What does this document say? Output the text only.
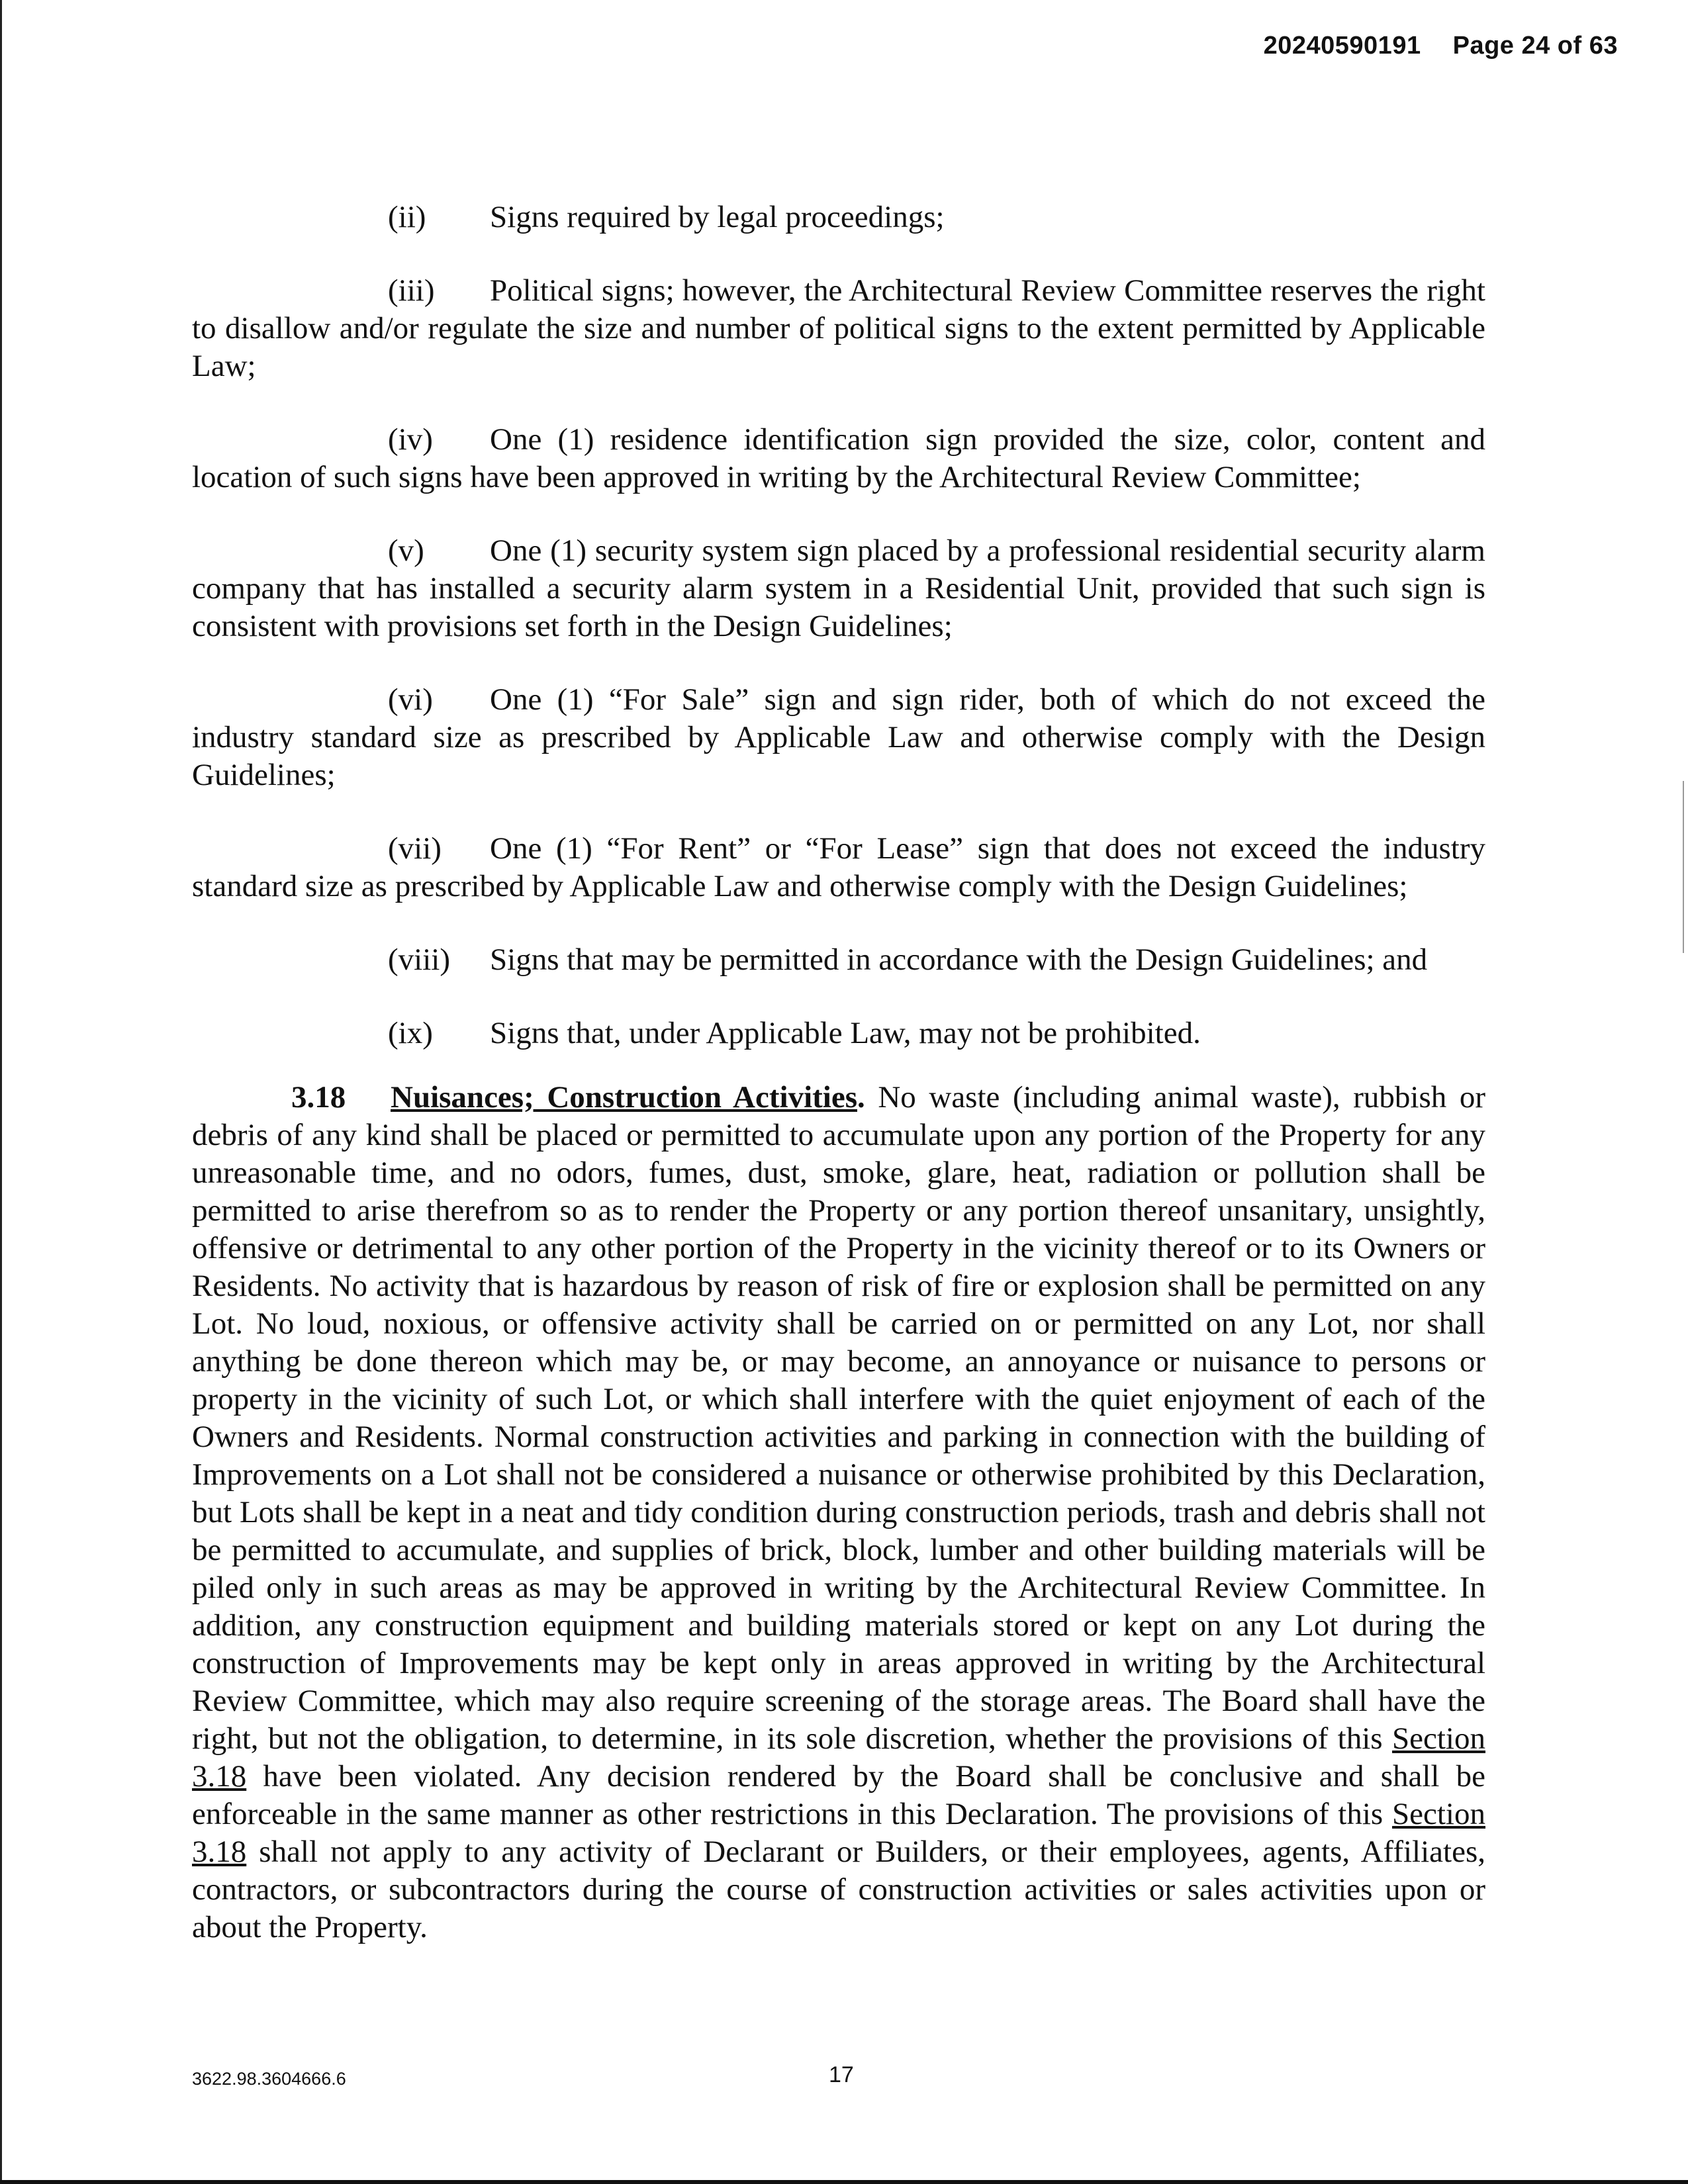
20240590191 Page 24 of 63

(ii)	Signs required by legal proceedings;

(iii) Political signs; however, the Architectural Review Committee reserves the right to disallow and/or regulate the size and number of political signs to the extent permitted by Applicable Law;

(iv) One (1) residence identification sign provided the size, color, content and location of such signs have been approved in writing by the Architectural Review Committee;

(v) One (1) security system sign placed by a professional residential security alarm company that has installed a security alarm system in a Residential Unit, provided that such sign is consistent with provisions set forth in the Design Guidelines;

(vi) One (1) “For Sale” sign and sign rider, both of which do not exceed the industry standard size as prescribed by Applicable Law and otherwise comply with the Design Guidelines;

(vii) One (1) “For Rent” or “For Lease” sign that does not exceed the industry standard size as prescribed by Applicable Law and otherwise comply with the Design Guidelines;

(viii)	Signs that may be permitted in accordance with the Design Guidelines; and

(ix)	Signs that, under Applicable Law, may not be prohibited.

3.18 Nuisances; Construction Activities. No waste (including animal waste), rubbish or debris of any kind shall be placed or permitted to accumulate upon any portion of the Property for any unreasonable time, and no odors, fumes, dust, smoke, glare, heat, radiation or pollution shall be permitted to arise therefrom so as to render the Property or any portion thereof unsanitary, unsightly, offensive or detrimental to any other portion of the Property in the vicinity thereof or to its Owners or Residents. No activity that is hazardous by reason of risk of fire or explosion shall be permitted on any Lot. No loud, noxious, or offensive activity shall be carried on or permitted on any Lot, nor shall anything be done thereon which may be, or may become, an annoyance or nuisance to persons or property in the vicinity of such Lot, or which shall interfere with the quiet enjoyment of each of the Owners and Residents. Normal construction activities and parking in connection with the building of Improvements on a Lot shall not be considered a nuisance or otherwise prohibited by this Declaration, but Lots shall be kept in a neat and tidy condition during construction periods, trash and debris shall not be permitted to accumulate, and supplies of brick, block, lumber and other building materials will be piled only in such areas as may be approved in writing by the Architectural Review Committee. In addition, any construction equipment and building materials stored or kept on any Lot during the construction of Improvements may be kept only in areas approved in writing by the Architectural Review Committee, which may also require screening of the storage areas. The Board shall have the right, but not the obligation, to determine, in its sole discretion, whether the provisions of this Section 3.18 have been violated. Any decision rendered by the Board shall be conclusive and shall be enforceable in the same manner as other restrictions in this Declaration. The provisions of this Section 3.18 shall not apply to any activity of Declarant or Builders, or their employees, agents, Affiliates, contractors, or subcontractors during the course of construction activities or sales activities upon or about the Property.

3622.98.3604666.6	17
